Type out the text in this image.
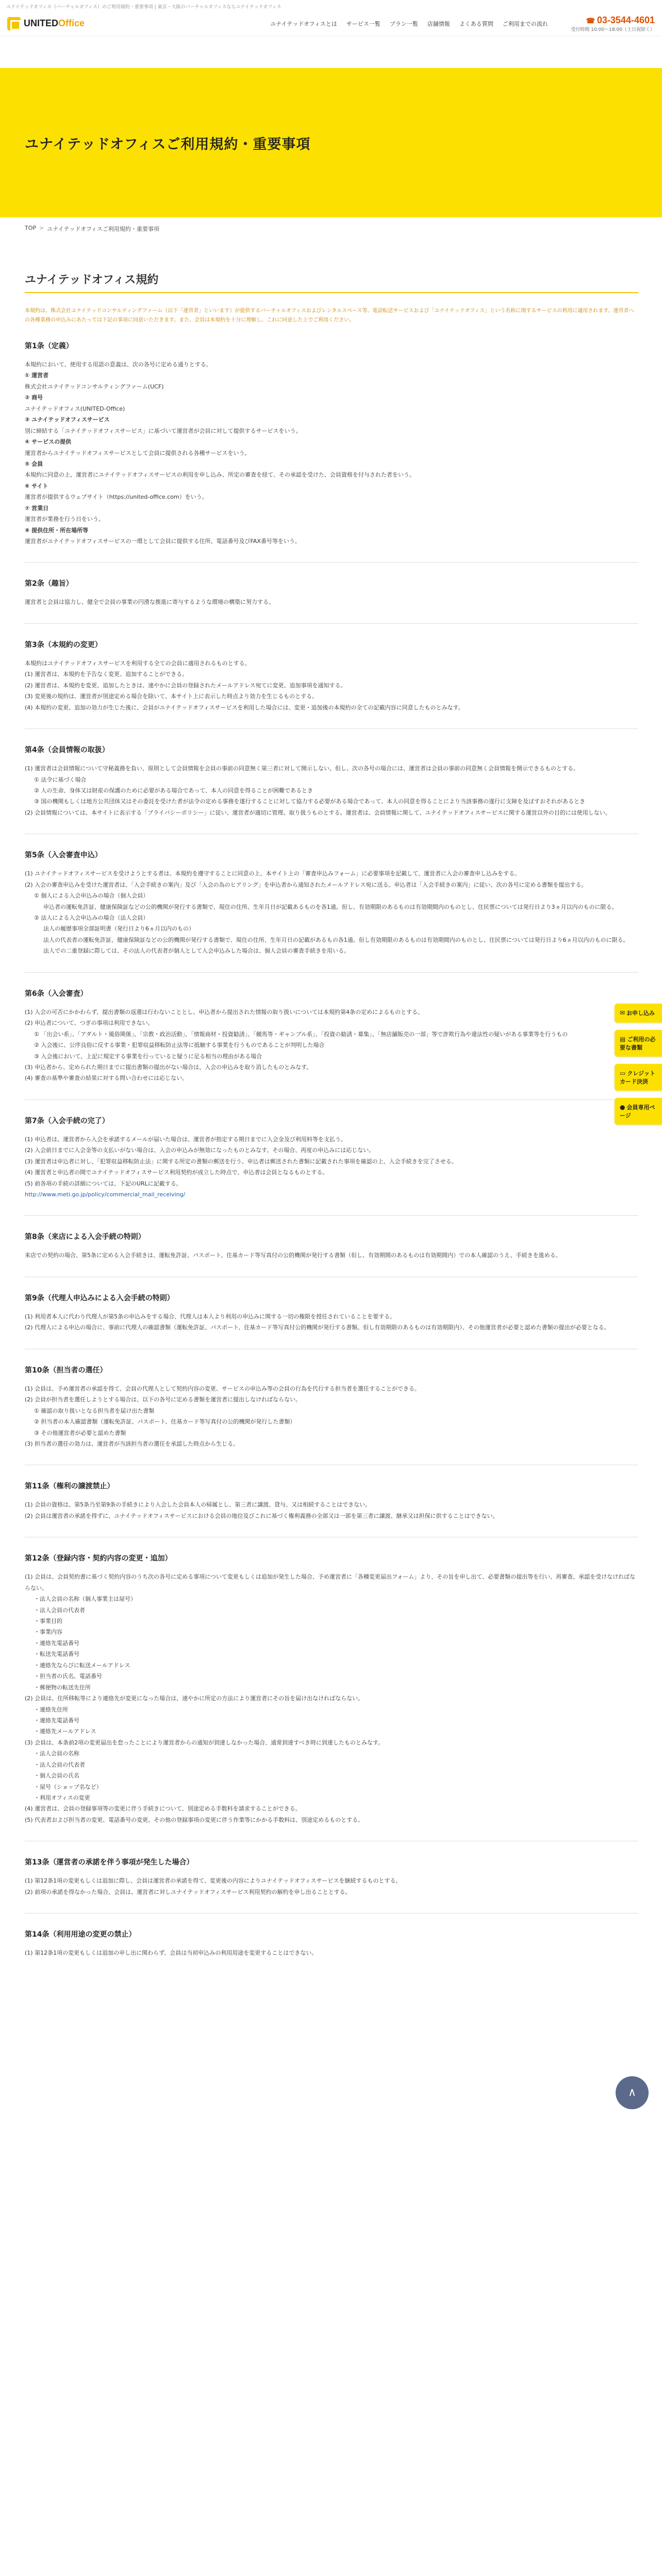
ユナイテッドオフィス（バーチャルオフィス）のご利用規約・重要事項 | 東京・大阪のバーチャルオフィスならユナイテッドオフィス
UNITEDOffice	ユナイテッドオフィスとは サービス一覧 プラン一覧 店舗情報 よくある質問 ご利用までの流れ
☎	03-3544-4601
受付時間 10:00〜18:00（土日祝除く）
ユナイテッドオフィスご利用規約・重要事項
TOP > ユナイテッドオフィスご利用規約・重要事項
ユナイテッドオフィス規約

本規約は、株式会社ユナイテッドコンサルティングファーム（以下「運営者」といいます）が提供するバーチャルオフィスおよびレンタルスペース等、電話転送サービスおよび「ユナイテッドオフィス」という名称に関するサービスの利用に適用されます。運営者への各種業務の申込みにあたっては下記の事項に同意いただきます。また、会員は本規約を十分に理解し、これに同意した上でご利用ください。

第1条（定義）

本規約において、使用する用語の意義は、次の各号に定める通りとする。

① 運営者

株式会社ユナイテッドコンサルティングファーム(UCF)

② 商号

ユナイテッドオフィス(UNITED-Office)

③ ユナイテッドオフィスサービス

別に締結する「ユナイテッドオフィスサービス」に基づいて運営者が会員に対して提供するサービスをいう。

④ サービスの提供

運営者からユナイテッドオフィスサービスとして会員に提供される各種サービスをいう。

⑤ 会員

本規約に同意の上、運営者にユナイテッドオフィスサービスの利用を申し込み、所定の審査を経て、その承認を受けた、会員資格を付与された者をいう。

⑥ サイト

運営者が提供するウェブサイト（https://united-office.com）をいう。

⑦ 営業日

運営者が業務を行う日をいう。

⑧ 提供住所・所在場所等

運営者がユナイテッドオフィスサービスの一環として会員に提供する住所、電話番号及びFAX番号等をいう。

第2条（趣旨）

運営者と会員は協力し、健全で会員の事業の円滑な推進に寄与するような環境の構築に努力する。

第3条（本規約の変更）

本規約はユナイテッドオフィスサービスを利用する全ての会員に適用されるものとする。

(1) 運営者は、本規約を予告なく変更、追加することができる。

(2) 運営者は、本規約を変更、追加したときは、速やかに会員の登録されたメールアドレス宛てに変更、追加事項を通知する。

(3) 変更後の規約は、運営者が別途定める場合を除いて、本サイト上に表示した時点より効力を生じるものとする。

(4) 本規約の変更、追加の効力が生じた後に、会員がユナイテッドオフィスサービスを利用した場合には、変更・追加後の本規約の全ての記載内容に同意したものとみなす。

第4条（会員情報の取扱）

(1) 運営者は会員情報について守秘義務を負い、原則として会員情報を会員の事前の同意無く第三者に対して開示しない。但し、次の各号の場合には、運営者は会員の事前の同意無く会員情報を開示できるものとする。

① 法令に基づく場合

② 人の生命、身体又は財産の保護のために必要がある場合であって、本人の同意を得ることが困難であるとき

③ 国の機関もしくは地方公共団体又はその委託を受けた者が法令の定める事務を遂行することに対して協力する必要がある場合であって、本人の同意を得ることにより当該事務の遂行に支障を及ぼすおそれがあるとき

(2) 会員情報については、本サイトに表示する「プライバシーポリシー」に従い、運営者が適切に管理、取り扱うものとする。運営者は、会員情報に関して、ユナイテッドオフィスサービスに関する運営以外の目的には使用しない。

第5条（入会審査申込）

(1) ユナイテッドオフィスサービスを受けようとする者は、本規約を遵守することに同意の上、本サイト上の「審査申込みフォーム」に必要事項を記載して、運営者に入会の審査申し込みをする。

(2) 入会の審査申込みを受けた運営者は、「入会手続きの案内」及び「入会の為のヒアリング」を申込者から通知されたメールアドレス宛に送る。申込者は「入会手続きの案内」に従い、次の各号に定める書類を提出する。

① 個人による入会申込みの場合（個人会員）

申込者の運転免許証、健康保険証などの公的機関が発行する書類で、現住の住所、生年月日が記載あるものを各1通。但し、有効期限のあるものは有効期間内のものとし、住民票については発行日より3ヵ月以内のものに限る。

② 法人による入会申込みの場合（法人会員）

法人の履歴事項全部証明書（発行日より6ヵ月以内のもの）

法人の代表者の運転免許証、健康保険証などの公的機関が発行する書類で、現住の住所、生年月日の記載があるもの各1通。但し有効期限のあるものは有効期間内のものとし、住民票については発行日より6ヵ月以内のものに限る。

法人での二重登録に際しては、その法人の代表者が個人として入会申込みした場合は、個人会員の審査手続きを用いる。

第6条（入会審査）

(1) 入会の可否にかかわらず、提出書類の返還は行わないこととし、申込者から提出された情報の取り扱いについては本規約第4条の定めによるものとする。

(2) 申込者について、つぎの事項は利用できない。

① 「出会い系」、「アダルト・風俗関係」、「宗教・政治活動」、「情報商材・投資勧誘」、「競馬等・ギャンブル系」、「投資の勧誘・募集」、「無店舗販売の一部」等で詐欺行為や違法性の疑いがある事業等を行うもの

② 入会後に、公序良俗に反する事業・犯罪収益移転防止法等に抵触する事業を行うものであることが判明した場合

③ 入会後において、上記に規定する事業を行っていると疑うに足る相当の理由がある場合

(3) 申込者から、定められた期日までに提出書類の提出がない場合は、入会の申込みを取り消したものとみなす。

(4) 審査の基準や審査の結果に対する問い合わせには応じない。

第7条（入会手続の完了）

(1) 申込者は、運営者から入会を承諾するメールが届いた場合は、運営者が指定する期日までに入会金及び利用料等を支払う。

(2) 入会前日までに入会金等の支払いがない場合は、入会の申込みが無効になったものとみなす。その場合、再度の申込みには応じない。

(3) 運営者は申込者に対し、「犯罪収益移転防止法」に関する所定の書類の郵送を行う。申込者は郵送された書類に記載された事項を確認の上、入会手続きを完了させる。

(4) 運営者と申込者の間でユナイテッドオフィスサービス利用契約が成立した時点で、申込者は会員となるものとする。

(5) 前各項の手続の詳細については、下記のURLに記載する。

http://www.meti.go.jp/policy/commercial_mail_receiving/
第8条（来店による入会手続の特則）

来店での契約の場合、第5条に定める入会手続きは、運転免許証、パスポート、住基カード等写真付の公的機関が発行する書類（但し、有効期間のあるものは有効期間内）での本人確認のうえ、手続きを進める。

第9条（代理人申込みによる入会手続の特則）

(1) 利用者本人に代わり代理人が第5条の申込みをする場合、代理人は本人より利用の申込みに関する一切の権限を授任されていることを要する。

(2) 代理人による申込の場合に、事前に代理人の確認書類（運転免許証、パスポート、住基カード等写真付公的機関が発行する書類。但し有効期限のあるものは有効期限内）、その他運営者が必要と認めた書類の提出が必要となる。

第10条（担当者の選任）

(1) 会員は、予め運営者の承認を得て、会員の代理人として契約内容の変更、サービスの申込み等の会員の行為を代行する担当者を選任することができる。

(2) 会員が担当者を選任しようとする場合は、以下の各号に定める書類を運営者に提出しなければならない。

① 確認の取り扱いとなる担当者を届け出た書類

② 担当者の本人確認書類（運転免許証、パスポート、住基カード等写真付の公的機関が発行した書類）

③ その他運営者が必要と認めた書類

(3) 担当者の選任の効力は、運営者が当該担当者の選任を承認した時点から生じる。

第11条（権利の譲渡禁止）

(1) 会員の資格は、第5条乃至第9条の手続きにより入会した会員本人の帰属とし、第三者に譲渡、貸与、又は相続することはできない。

(2) 会員は運営者の承諾を得ずに、ユナイテッドオフィスサービスにおける会員の地位及びこれに基づく権利義務の全部又は一部を第三者に譲渡、継承又は担保に供することはできない。

第12条（登録内容・契約内容の変更・追加）

(1) 会員は、会員契約書に基づく契約内容のうち次の各号に定める事項について変更もしくは追加が発生した場合、予め運営者に「各種変更届出フォーム」より、その旨を申し出て、必要書類の提出等を行い、再審査、承認を受けなければならない。

・法人会員の名称（個人事業主は屋号）

・法人会員の代表者

・事業目的

・事業内容

・連絡先電話番号

・転送先電話番号

・連絡先ならびに転送メールアドレス

・担当者の氏名、電話番号

・郵便物の転送先住所

(2) 会員は、住所移転等により連絡先が変更になった場合は、速やかに所定の方法により運営者にその旨を届け出なければならない。

・連絡先住所

・連絡先電話番号

・連絡先メールアドレス

(3) 会員は、本条前2項の変更届出を怠ったことにより運営者からの通知が到達しなかった場合、通常到達すべき時に到達したものとみなす。

・法人会員の名称

・法人会員の代表者

・個人会員の氏名

・屋号（ショップ名など）

・利用オフィスの変更

(4) 運営者は、会員の登録事項等の変更に伴う手続きについて、別途定める手数料を請求することができる。

(5) 代表者および担当者の変更、電話番号の変更、その他の登録事項の変更に伴う作業等にかかる手数料は、別途定めるものとする。

第13条（運営者の承諾を伴う事項が発生した場合）

(1) 第12条1項の変更もしくは追加に際し、会員は運営者の承諾を得て、変更後の内容によりユナイテッドオフィスサービスを継続するものとする。

(2) 前項の承諾を得なかった場合、会員は、運営者に対しユナイテッドオフィスサービス利用契約の解約を申し出ることとする。

第14条（利用用途の変更の禁止）

(1) 第12条1項の変更もしくは追加の申し出に関わらず、会員は当初申込みの利用用途を変更することはできない。

✉ お申し込み
▤ ご利用の必要な書類
▭ クレジットカード決済
● 会員専用ページ
∧
